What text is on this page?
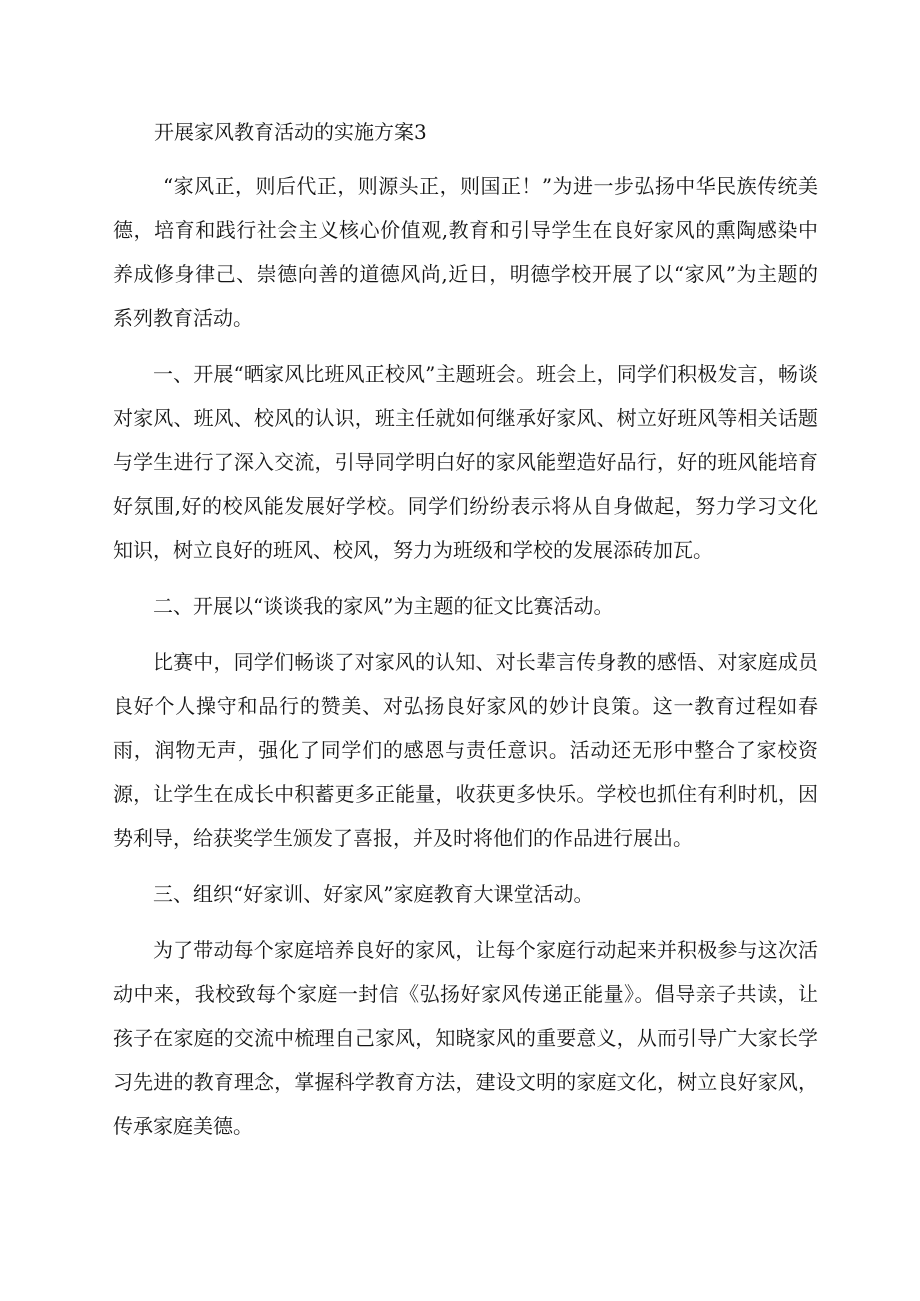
开展家风教育活动的实施方案3

“家风正，则后代正，则源头正，则国正！”为进一步弘扬中华民族传统美德，培育和践行社会主义核心价值观,教育和引导学生在良好家风的熏陶感染中养成修身律己、崇德向善的道德风尚,近日，明德学校开展了以“家风”为主题的系列教育活动。

一、开展“晒家风比班风正校风”主题班会。班会上，同学们积极发言，畅谈对家风、班风、校风的认识，班主任就如何继承好家风、树立好班风等相关话题与学生进行了深入交流，引导同学明白好的家风能塑造好品行，好的班风能培育好氛围,好的校风能发展好学校。同学们纷纷表示将从自身做起，努力学习文化知识，树立良好的班风、校风，努力为班级和学校的发展添砖加瓦。

二、开展以“谈谈我的家风”为主题的征文比赛活动。

比赛中，同学们畅谈了对家风的认知、对长辈言传身教的感悟、对家庭成员良好个人操守和品行的赞美、对弘扬良好家风的妙计良策。这一教育过程如春雨，润物无声，强化了同学们的感恩与责任意识。活动还无形中整合了家校资源，让学生在成长中积蓄更多正能量，收获更多快乐。学校也抓住有利时机，因势利导，给获奖学生颁发了喜报，并及时将他们的作品进行展出。

三、组织“好家训、好家风”家庭教育大课堂活动。

为了带动每个家庭培养良好的家风，让每个家庭行动起来并积极参与这次活动中来，我校致每个家庭一封信《弘扬好家风传递正能量》。倡导亲子共读，让孩子在家庭的交流中梳理自己家风，知晓家风的重要意义，从而引导广大家长学习先进的教育理念，掌握科学教育方法，建设文明的家庭文化，树立良好家风，传承家庭美德。
